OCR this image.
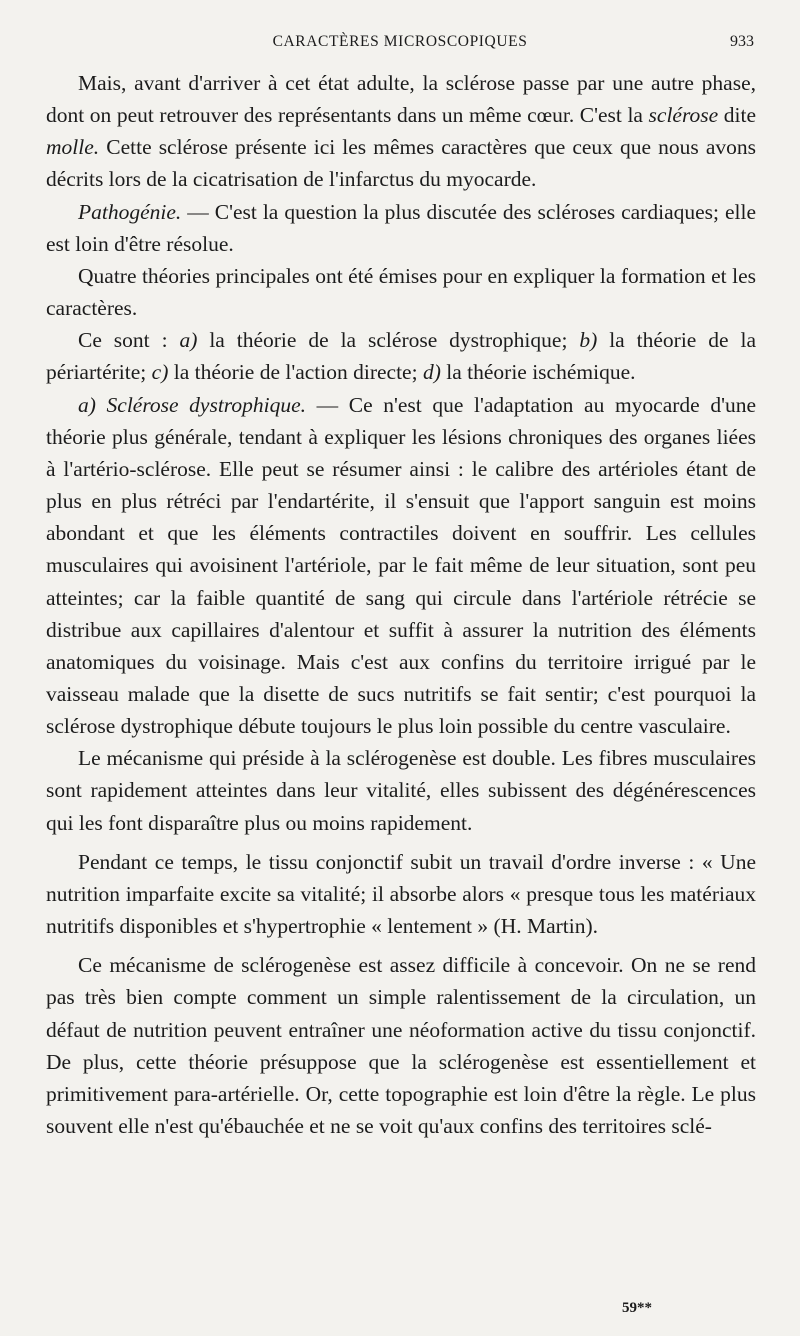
CARACTÈRES MICROSCOPIQUES	933

Mais, avant d'arriver à cet état adulte, la sclérose passe par une autre phase, dont on peut retrouver des représentants dans un même cœur. C'est la sclérose dite molle. Cette sclérose présente ici les mêmes caractères que ceux que nous avons décrits lors de la cicatrisation de l'infarctus du myocarde.

Pathogénie. — C'est la question la plus discutée des scléroses cardiaques; elle est loin d'être résolue.

Quatre théories principales ont été émises pour en expliquer la formation et les caractères.

Ce sont : a) la théorie de la sclérose dystrophique; b) la théorie de la périartérite; c) la théorie de l'action directe; d) la théorie ischémique.

a) Sclérose dystrophique. — Ce n'est que l'adaptation au myocarde d'une théorie plus générale, tendant à expliquer les lésions chroniques des organes liées à l'artério-sclérose. Elle peut se résumer ainsi : le calibre des artérioles étant de plus en plus rétréci par l'endartérite, il s'ensuit que l'apport sanguin est moins abondant et que les éléments contractiles doivent en souffrir. Les cellules musculaires qui avoisinent l'artériole, par le fait même de leur situation, sont peu atteintes; car la faible quantité de sang qui circule dans l'artériole rétrécie se distribue aux capillaires d'alentour et suffit à assurer la nutrition des éléments anatomiques du voisinage. Mais c'est aux confins du territoire irrigué par le vaisseau malade que la disette de sucs nutritifs se fait sentir; c'est pourquoi la sclérose dystrophique débute toujours le plus loin possible du centre vasculaire.

Le mécanisme qui préside à la sclérogenèse est double. Les fibres musculaires sont rapidement atteintes dans leur vitalité, elles subissent des dégénérescences qui les font disparaître plus ou moins rapidement.

Pendant ce temps, le tissu conjonctif subit un travail d'ordre inverse : « Une nutrition imparfaite excite sa vitalité; il absorbe alors « presque tous les matériaux nutritifs disponibles et s'hypertrophie « lentement » (H. Martin).

Ce mécanisme de sclérogenèse est assez difficile à concevoir. On ne se rend pas très bien compte comment un simple ralentissement de la circulation, un défaut de nutrition peuvent entraîner une néoformation active du tissu conjonctif. De plus, cette théorie présuppose que la sclérogenèse est essentiellement et primitivement para-artérielle. Or, cette topographie est loin d'être la règle. Le plus souvent elle n'est qu'ébauchée et ne se voit qu'aux confins des territoires sclé-

59**
